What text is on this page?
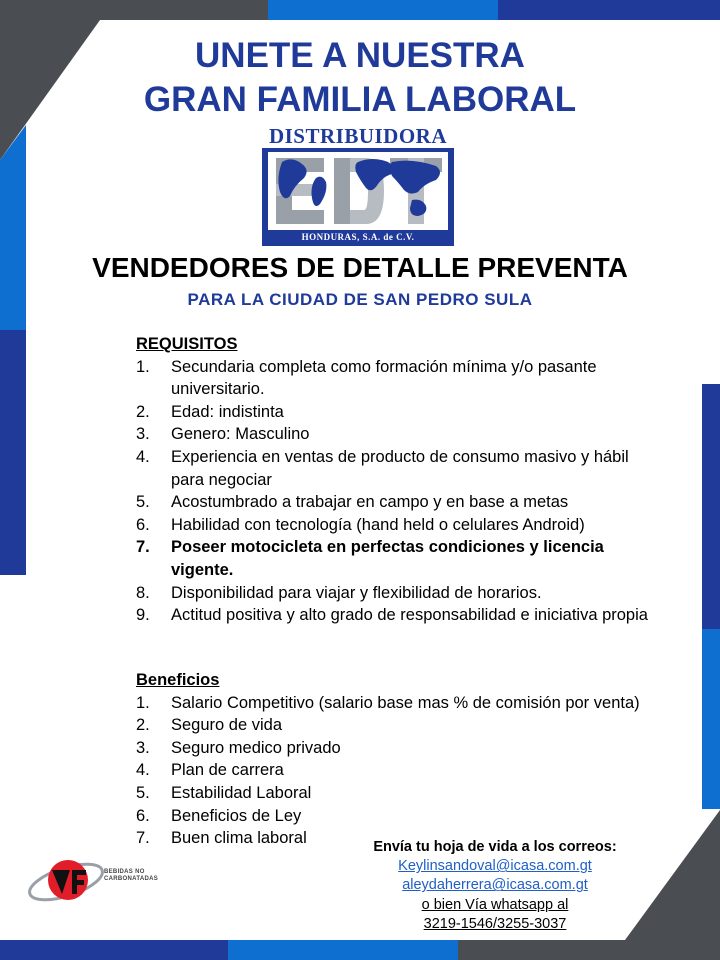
UNETE A NUESTRA
GRAN FAMILIA LABORAL
DISTRIBUIDORA
HONDURAS, S.A. de C.V.
VENDEDORES DE DETALLE PREVENTA
PARA LA CIUDAD DE SAN PEDRO SULA
REQUISITOS
1. Secundaria completa como formación mínima y/o pasante universitario.
2. Edad: indistinta
3. Genero: Masculino
4. Experiencia en ventas de producto de consumo masivo y hábil para negociar
5. Acostumbrado a trabajar en campo y en base a metas
6. Habilidad con tecnología (hand held o celulares Android)
7. Poseer motocicleta en perfectas condiciones y licencia vigente.
8. Disponibilidad para viajar y flexibilidad de horarios.
9. Actitud positiva y alto grado de responsabilidad e iniciativa propia
Beneficios
1. Salario Competitivo (salario base mas % de comisión por venta)
2. Seguro de vida
3. Seguro medico privado
4. Plan de carrera
5. Estabilidad Laboral
6. Beneficios de Ley
7. Buen clima laboral	Envía tu hoja de vida a los correos:
Keylinsandoval@icasa.com.gt
aleydaherrera@icasa.com.gt
o bien Vía whatsapp al
3219-1546/3255-3037
BEBIDAS NO
CARBONATADAS
